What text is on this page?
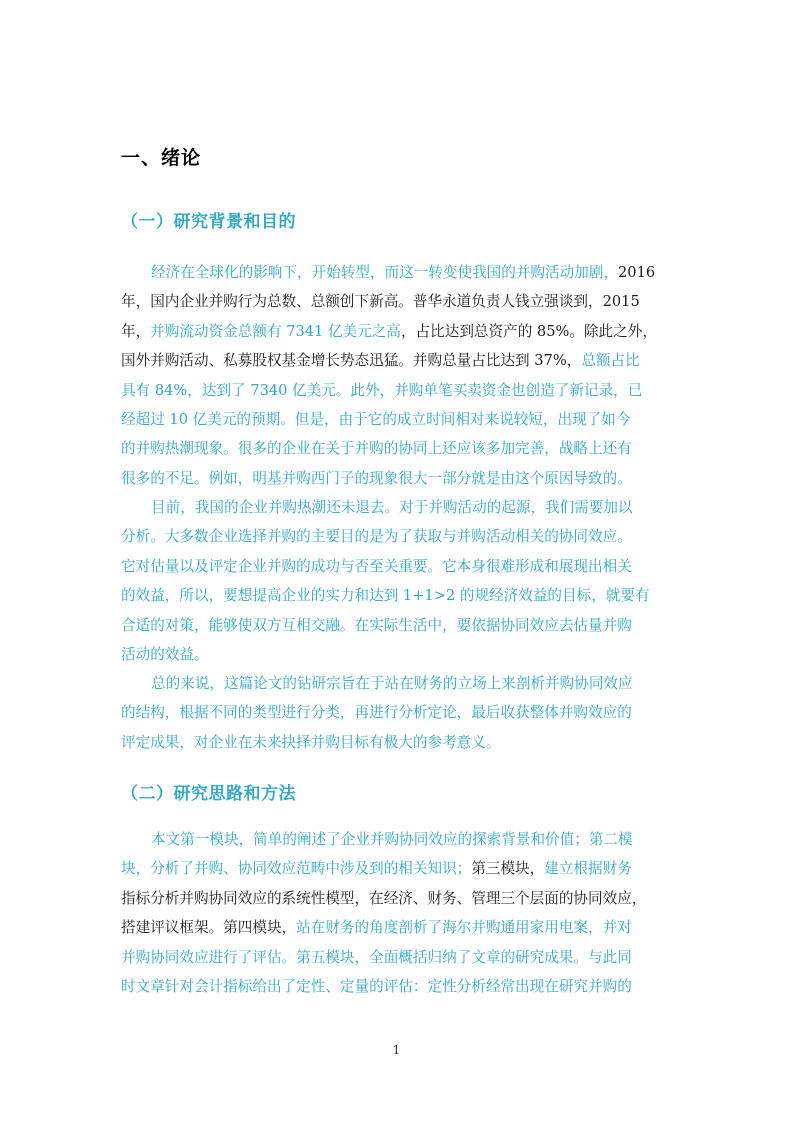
一、绪论
（一）研究背景和目的
经济在全球化的影响下，开始转型，而这一转变使我国的并购活动加剧，2016
年，国内企业并购行为总数、总额创下新高。普华永道负责人钱立强谈到，2015
年，并购流动资金总额有 7341 亿美元之高，占比达到总资产的 85%。除此之外，
国外并购活动、私募股权基金增长势态迅猛。并购总量占比达到 37%，总额占比
具有 84%，达到了 7340 亿美元。此外，并购单笔买卖资金也创造了新记录，已
经超过 10 亿美元的预期。但是，由于它的成立时间相对来说较短，出现了如今
的并购热潮现象。很多的企业在关于并购的协同上还应该多加完善，战略上还有
很多的不足。例如，明基并购西门子的现象很大一部分就是由这个原因导致的。
目前，我国的企业并购热潮还未退去。对于并购活动的起源，我们需要加以
分析。大多数企业选择并购的主要目的是为了获取与并购活动相关的协同效应。
它对估量以及评定企业并购的成功与否至关重要。它本身很难形成和展现出相关
的效益，所以，要想提高企业的实力和达到 1+1>2 的规经济效益的目标，就要有
合适的对策，能够使双方互相交融。在实际生活中，要依据协同效应去估量并购
活动的效益。
总的来说，这篇论文的钻研宗旨在于站在财务的立场上来剖析并购协同效应
的结构，根据不同的类型进行分类，再进行分析定论，最后收获整体并购效应的
评定成果，对企业在未来抉择并购目标有极大的参考意义。
（二）研究思路和方法
本文第一模块，简单的阐述了企业并购协同效应的探索背景和价值；第二模
块，分析了并购、协同效应范畴中涉及到的相关知识；第三模块，建立根据财务
指标分析并购协同效应的系统性模型，在经济、财务、管理三个层面的协同效应，
搭建评议框架。第四模块，站在财务的角度剖析了海尔并购通用家用电案，并对
并购协同效应进行了评估。第五模块，全面概括归纳了文章的研究成果。与此同
时文章针对会计指标给出了定性、定量的评估：定性分析经常出现在研究并购的
1
